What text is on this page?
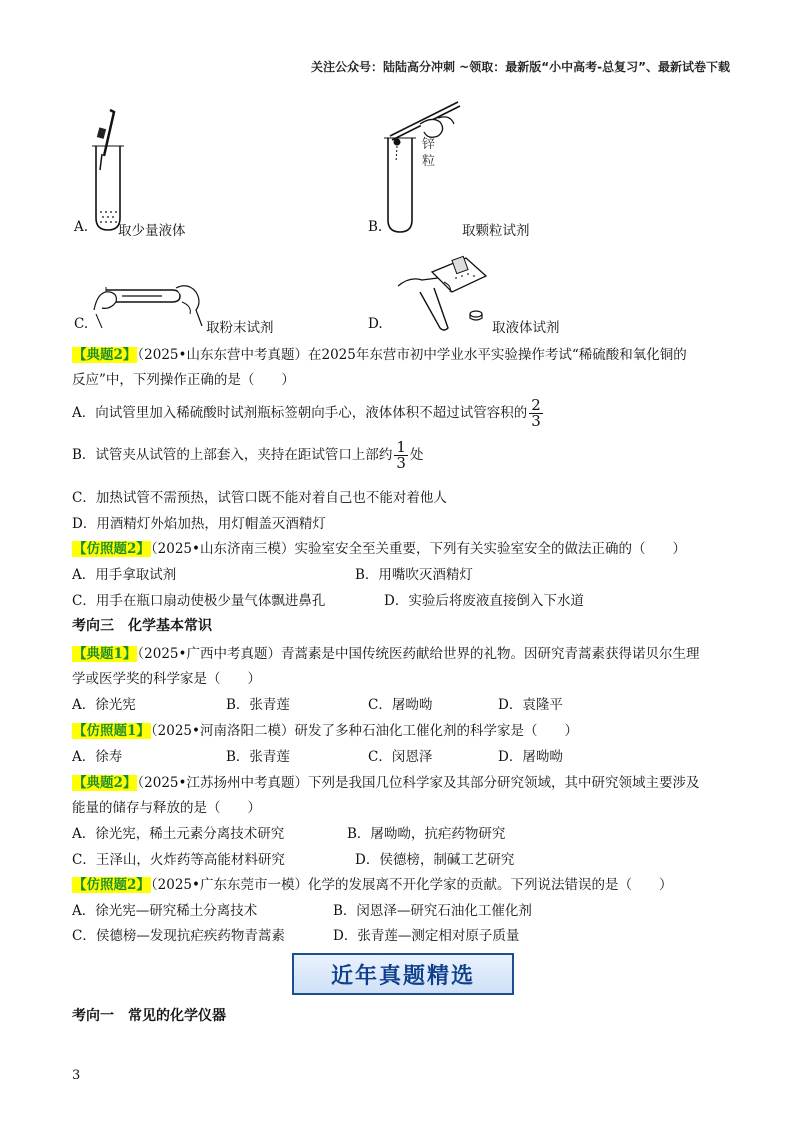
关注公众号：陆陆高分冲刺 ~领取：最新版“小中高考-总复习”、最新试卷下载
A. 取少量液体
锌
粒
B.	取颗粒试剂
C.	取粉末试剂	D.	取液体试剂
【典题2】（2025•山东东营中考真题）在2025年东营市初中学业水平实验操作考试“稀硫酸和氧化铜的
反应”中，下列操作正确的是（　　）
A．向试管里加入稀硫酸时试剂瓶标签朝向手心，液体体积不超过试管容积的 $\frac{2}{3}$
B．试管夹从试管的上部套入，夹持在距试管口上部约 $\frac{1}{3}$ 处
C．加热试管不需预热，试管口既不能对着自己也不能对着他人
D．用酒精灯外焰加热，用灯帽盖灭酒精灯
【仿照题2】（2025•山东济南三模）实验室安全至关重要，下列有关实验室安全的做法正确的（　　）
A．用手拿取试剂	B．用嘴吹灭酒精灯
C．用手在瓶口扇动使极少量气体飘进鼻孔	D．实验后将废液直接倒入下水道
考向三　化学基本常识
【典题1】（2025•广西中考真题）青蒿素是中国传统医药献给世界的礼物。因研究青蒿素获得诺贝尔生理
学或医学奖的科学家是（　　）
A．徐光宪	B．张青莲	C．屠呦呦	D．袁隆平
【仿照题1】（2025•河南洛阳二模）研发了多种石油化工催化剂的科学家是（　　）
A．徐寿	B．张青莲	C．闵恩泽	D．屠呦呦
【典题2】（2025•江苏扬州中考真题）下列是我国几位科学家及其部分研究领域，其中研究领域主要涉及
能量的储存与释放的是（　　）
A．徐光宪，稀土元素分离技术研究	B．屠呦呦，抗疟药物研究
C．王泽山，火炸药等高能材料研究	D．侯德榜，制碱工艺研究
【仿照题2】（2025•广东东莞市一模）化学的发展离不开化学家的贡献。下列说法错误的是（　　）
A．徐光宪—研究稀土分离技术	B．闵恩泽—研究石油化工催化剂
C．侯德榜—发现抗疟疾药物青蒿素	D．张青莲—测定相对原子质量
近年真题精选
考向一　常见的化学仪器
3
